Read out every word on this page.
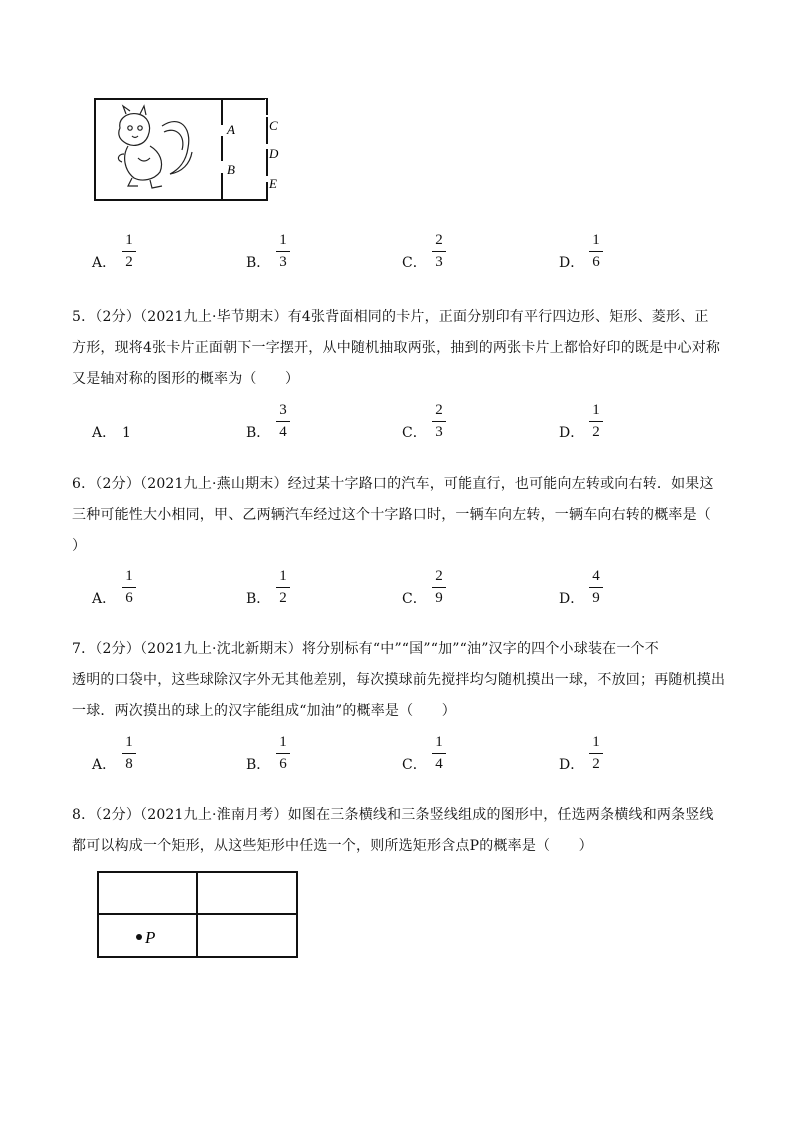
A
B
C
D
E
A．
1
2	B．
1
3	C．
2
3	D．
1
6
5．（2分）（2021九上·毕节期末）有4张背面相同的卡片，正面分别印有平行四边形、矩形、菱形、正
方形，现将4张卡片正面朝下一字摆开，从中随机抽取两张，抽到的两张卡片上都恰好印的既是中心对称
又是轴对称的图形的概率为（　　）
A． 1	B．
3
4	C．
2
3	D．
1
2
6．（2分）（2021九上·燕山期末）经过某十字路口的汽车，可能直行，也可能向左转或向右转．如果这
三种可能性大小相同，甲、乙两辆汽车经过这个十字路口时，一辆车向左转，一辆车向右转的概率是（
）
A．
1
6	B．
1
2	C．
2
9	D．
4
9
7．（2分）（2021九上·沈北新期末）将分别标有“中”“国”“加”“油”汉字的四个小球装在一个不
透明的口袋中，这些球除汉字外无其他差别，每次摸球前先搅拌均匀随机摸出一球，不放回；再随机摸出
一球．两次摸出的球上的汉字能组成“加油”的概率是（　　）
A．
1
8	B．
1
6	C．
1
4	D．
1
2
8．（2分）（2021九上·淮南月考）如图在三条横线和三条竖线组成的图形中，任选两条横线和两条竖线
都可以构成一个矩形，从这些矩形中任选一个，则所选矩形含点P的概率是（　　）
P
